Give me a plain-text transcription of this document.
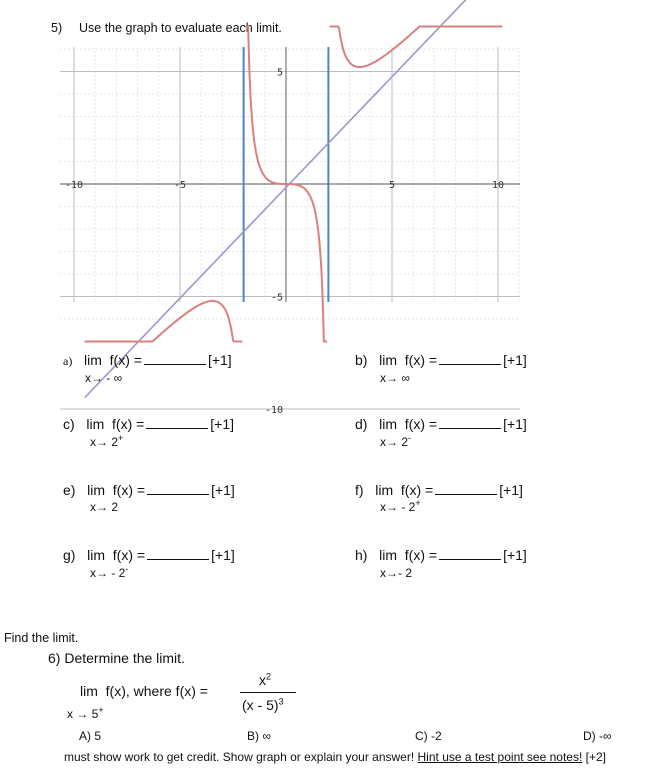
5) Use the graph to evaluate each limit.
-10	-5	5	10
5
-5
-10
a) lim f(x) =	[+1]
x→ - ∞
b) lim f(x) =	[+1]
x→ ∞
c) lim f(x) =	[+1]
x→ 2+
d) lim f(x) =	[+1]
x→ 2-
e) lim f(x) =	[+1]
x→ 2
f) lim f(x) =	[+1]
x→ - 2+
g) lim f(x) =	[+1]
x→ - 2-
h) lim f(x) =	[+1]
x→- 2
Find the limit.
6) Determine the limit.
lim f(x), where f(x) =
$x^2$
(x - 5)$^3$
x → 5+
A) 5	B) ∞	C) -2	D) -∞
must show work to get credit. Show graph or explain your answer! Hint use a test point see notes! [+2]
